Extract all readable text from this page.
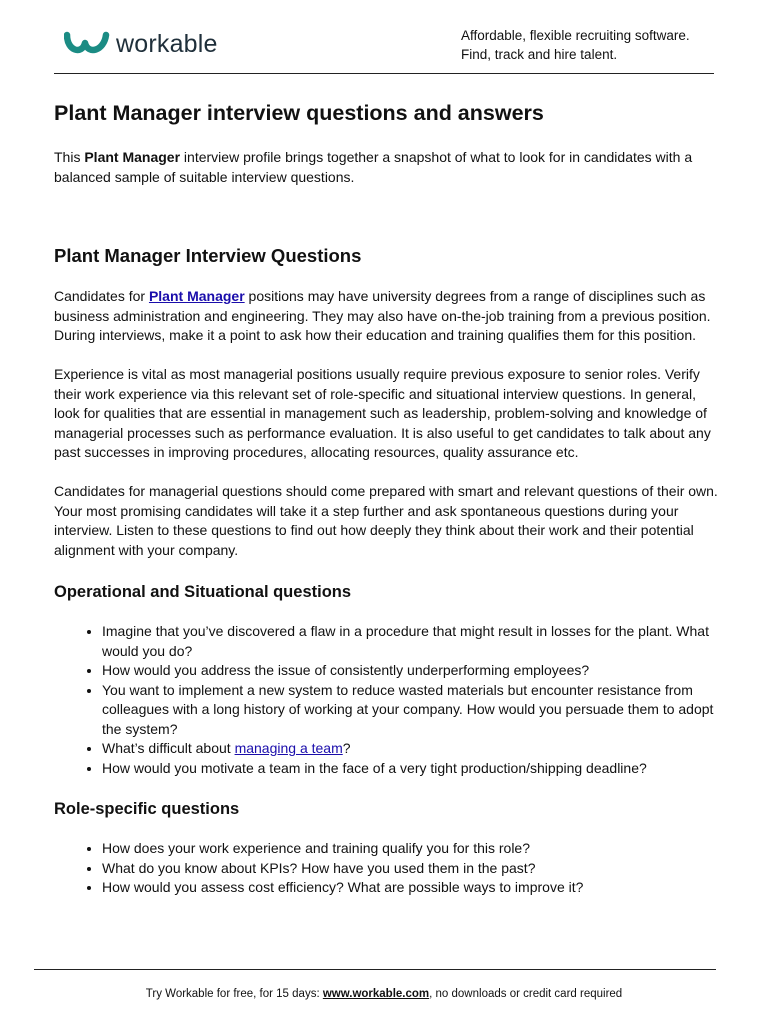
workable	Affordable, flexible recruiting software.
Find, track and hire talent.
Plant Manager interview questions and answers

This Plant Manager interview profile brings together a snapshot of what to look for in candidates with a balanced sample of suitable interview questions.

Plant Manager Interview Questions

Candidates for Plant Manager positions may have university degrees from a range of disciplines such as business administration and engineering. They may also have on-the-job training from a previous position. During interviews, make it a point to ask how their education and training qualifies them for this position.

Experience is vital as most managerial positions usually require previous exposure to senior roles. Verify their work experience via this relevant set of role-specific and situational interview questions. In general, look for qualities that are essential in management such as leadership, problem-solving and knowledge of managerial processes such as performance evaluation. It is also useful to get candidates to talk about any past successes in improving procedures, allocating resources, quality assurance etc.

Candidates for managerial questions should come prepared with smart and relevant questions of their own. Your most promising candidates will take it a step further and ask spontaneous questions during your interview. Listen to these questions to find out how deeply they think about their work and their potential alignment with your company.

Operational and Situational questions
• Imagine that you’ve discovered a flaw in a procedure that might result in losses for the plant. What would you do?
• How would you address the issue of consistently underperforming employees?
• You want to implement a new system to reduce wasted materials but encounter resistance from colleagues with a long history of working at your company. How would you persuade them to adopt the system?
• What’s difficult about managing a team?
• How would you motivate a team in the face of a very tight production/shipping deadline?
Role-specific questions
• How does your work experience and training qualify you for this role?
• What do you know about KPIs? How have you used them in the past?
• How would you assess cost efficiency? What are possible ways to improve it?
Try Workable for free, for 15 days: www.workable.com, no downloads or credit card required
